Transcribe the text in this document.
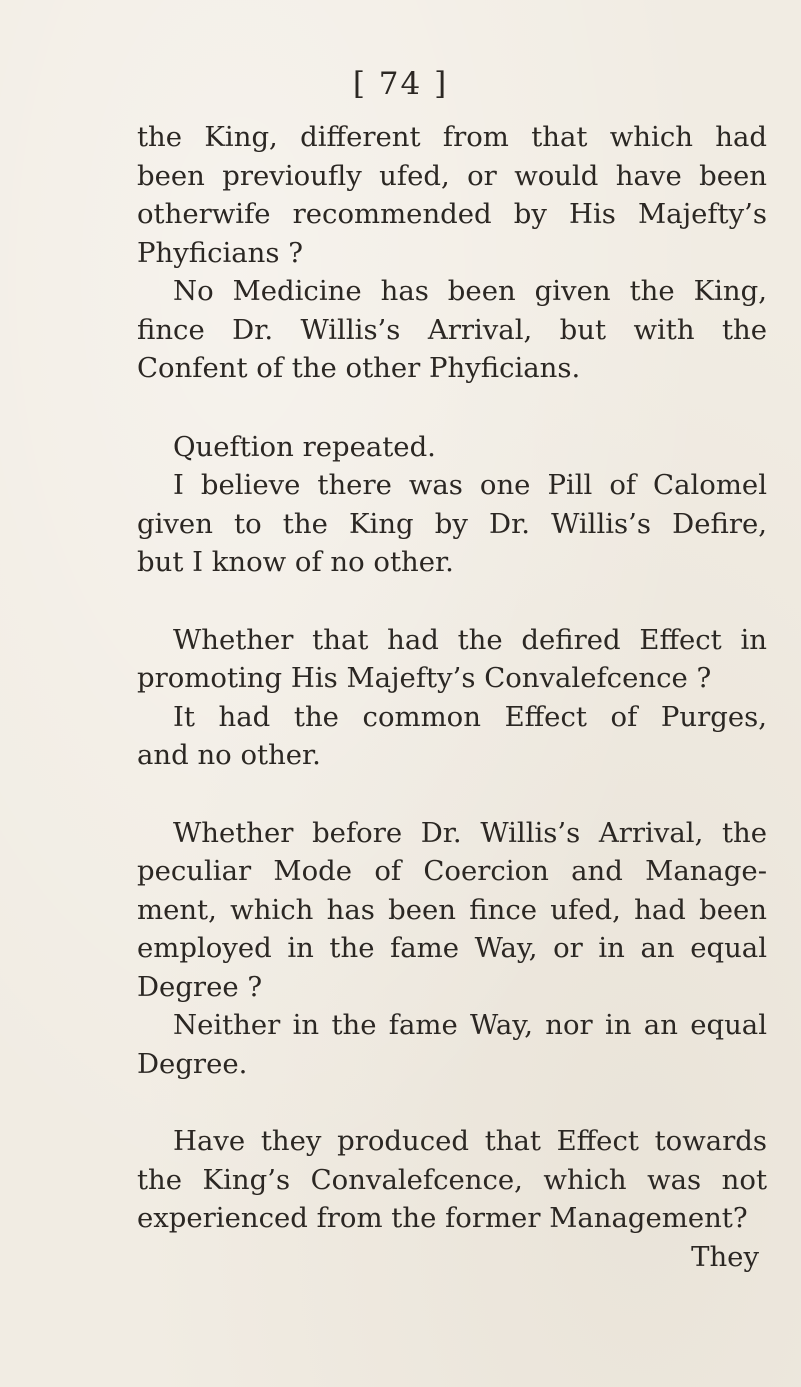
[ 74 ]

the King, different from that which had
been previoufly ufed, or would have been
otherwife recommended by His Majefty’s
Phyficians ?

No Medicine has been given the King,
fince Dr. Willis’s Arrival, but with the
Confent of the other Phyficians.

Queftion repeated.

I believe there was one Pill of Calomel
given to the King by Dr. Willis’s Defire,
but I know of no other.

Whether that had the defired Effect in
promoting His Majefty’s Convalefcence ?

It had the common Effect of Purges,
and no other.

Whether before Dr. Willis’s Arrival, the
peculiar Mode of Coercion and Manage-
ment, which has been fince ufed, had been
employed in the fame Way, or in an equal
Degree ?

Neither in the fame Way, nor in an equal
Degree.

Have they produced that Effect towards
the King’s Convalefcence, which was not
experienced from the former Management?
They
